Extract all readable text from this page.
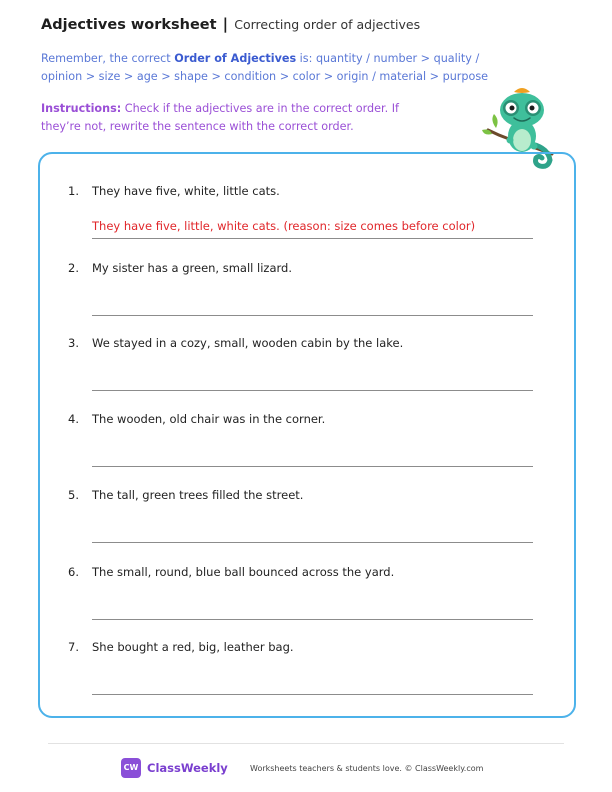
Adjectives worksheet | Correcting order of adjectives
Remember, the correct Order of Adjectives is: quantity / number > quality / opinion > size > age > shape > condition > color > origin / material > purpose
Instructions: Check if the adjectives are in the correct order. If they’re not, rewrite the sentence with the correct order.
1. They have five, white, little cats.
They have five, little, white cats. (reason: size comes before color)
2. My sister has a green, small lizard.
3. We stayed in a cozy, small, wooden cabin by the lake.
4. The wooden, old chair was in the corner.
5. The tall, green trees filled the street.
6. The small, round, blue ball bounced across the yard.
7. She bought a red, big, leather bag.
CW ClassWeekly	Worksheets teachers & students love. © ClassWeekly.com
